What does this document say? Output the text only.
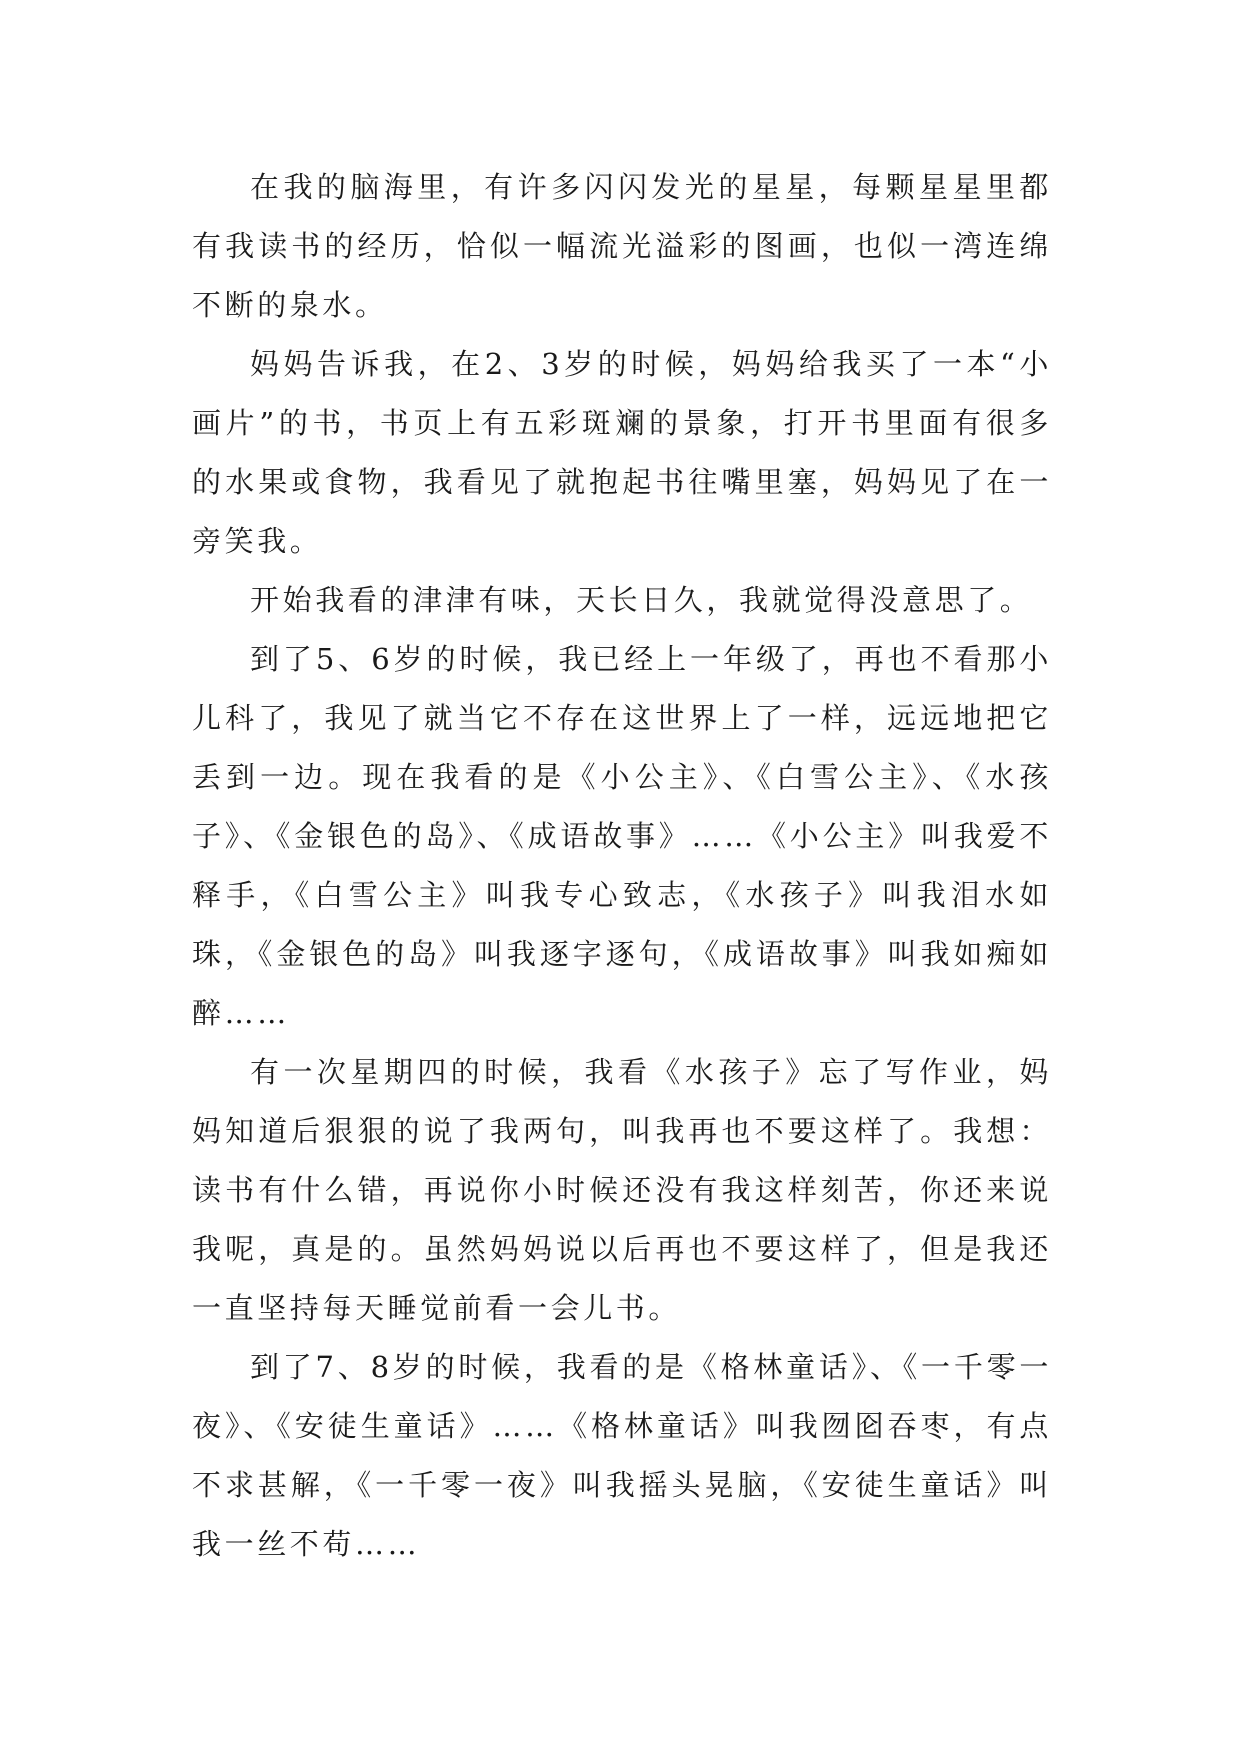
在我的脑海里，有许多闪闪发光的星星，每颗星星里都有我读书的经历，恰似一幅流光溢彩的图画，也似一湾连绵不断的泉水。

妈妈告诉我，在2、3岁的时候，妈妈给我买了一本“小画片”的书，书页上有五彩斑斓的景象，打开书里面有很多的水果或食物，我看见了就抱起书往嘴里塞，妈妈见了在一旁笑我。

开始我看的津津有味，天长日久，我就觉得没意思了。

到了5、6岁的时候，我已经上一年级了，再也不看那小儿科了，我见了就当它不存在这世界上了一样，远远地把它丢到一边。现在我看的是《小公主》、《白雪公主》、《水孩子》、《金银色的岛》、《成语故事》……《小公主》叫我爱不释手，《白雪公主》叫我专心致志，《水孩子》叫我泪水如珠，《金银色的岛》叫我逐字逐句，《成语故事》叫我如痴如醉……

有一次星期四的时候，我看《水孩子》忘了写作业，妈妈知道后狠狠的说了我两句，叫我再也不要这样了。我想：读书有什么错，再说你小时候还没有我这样刻苦，你还来说我呢，真是的。虽然妈妈说以后再也不要这样了，但是我还一直坚持每天睡觉前看一会儿书。

到了7、8岁的时候，我看的是《格林童话》、《一千零一夜》、《安徒生童话》……《格林童话》叫我囫囵吞枣，有点不求甚解，《一千零一夜》叫我摇头晃脑，《安徒生童话》叫我一丝不苟……
